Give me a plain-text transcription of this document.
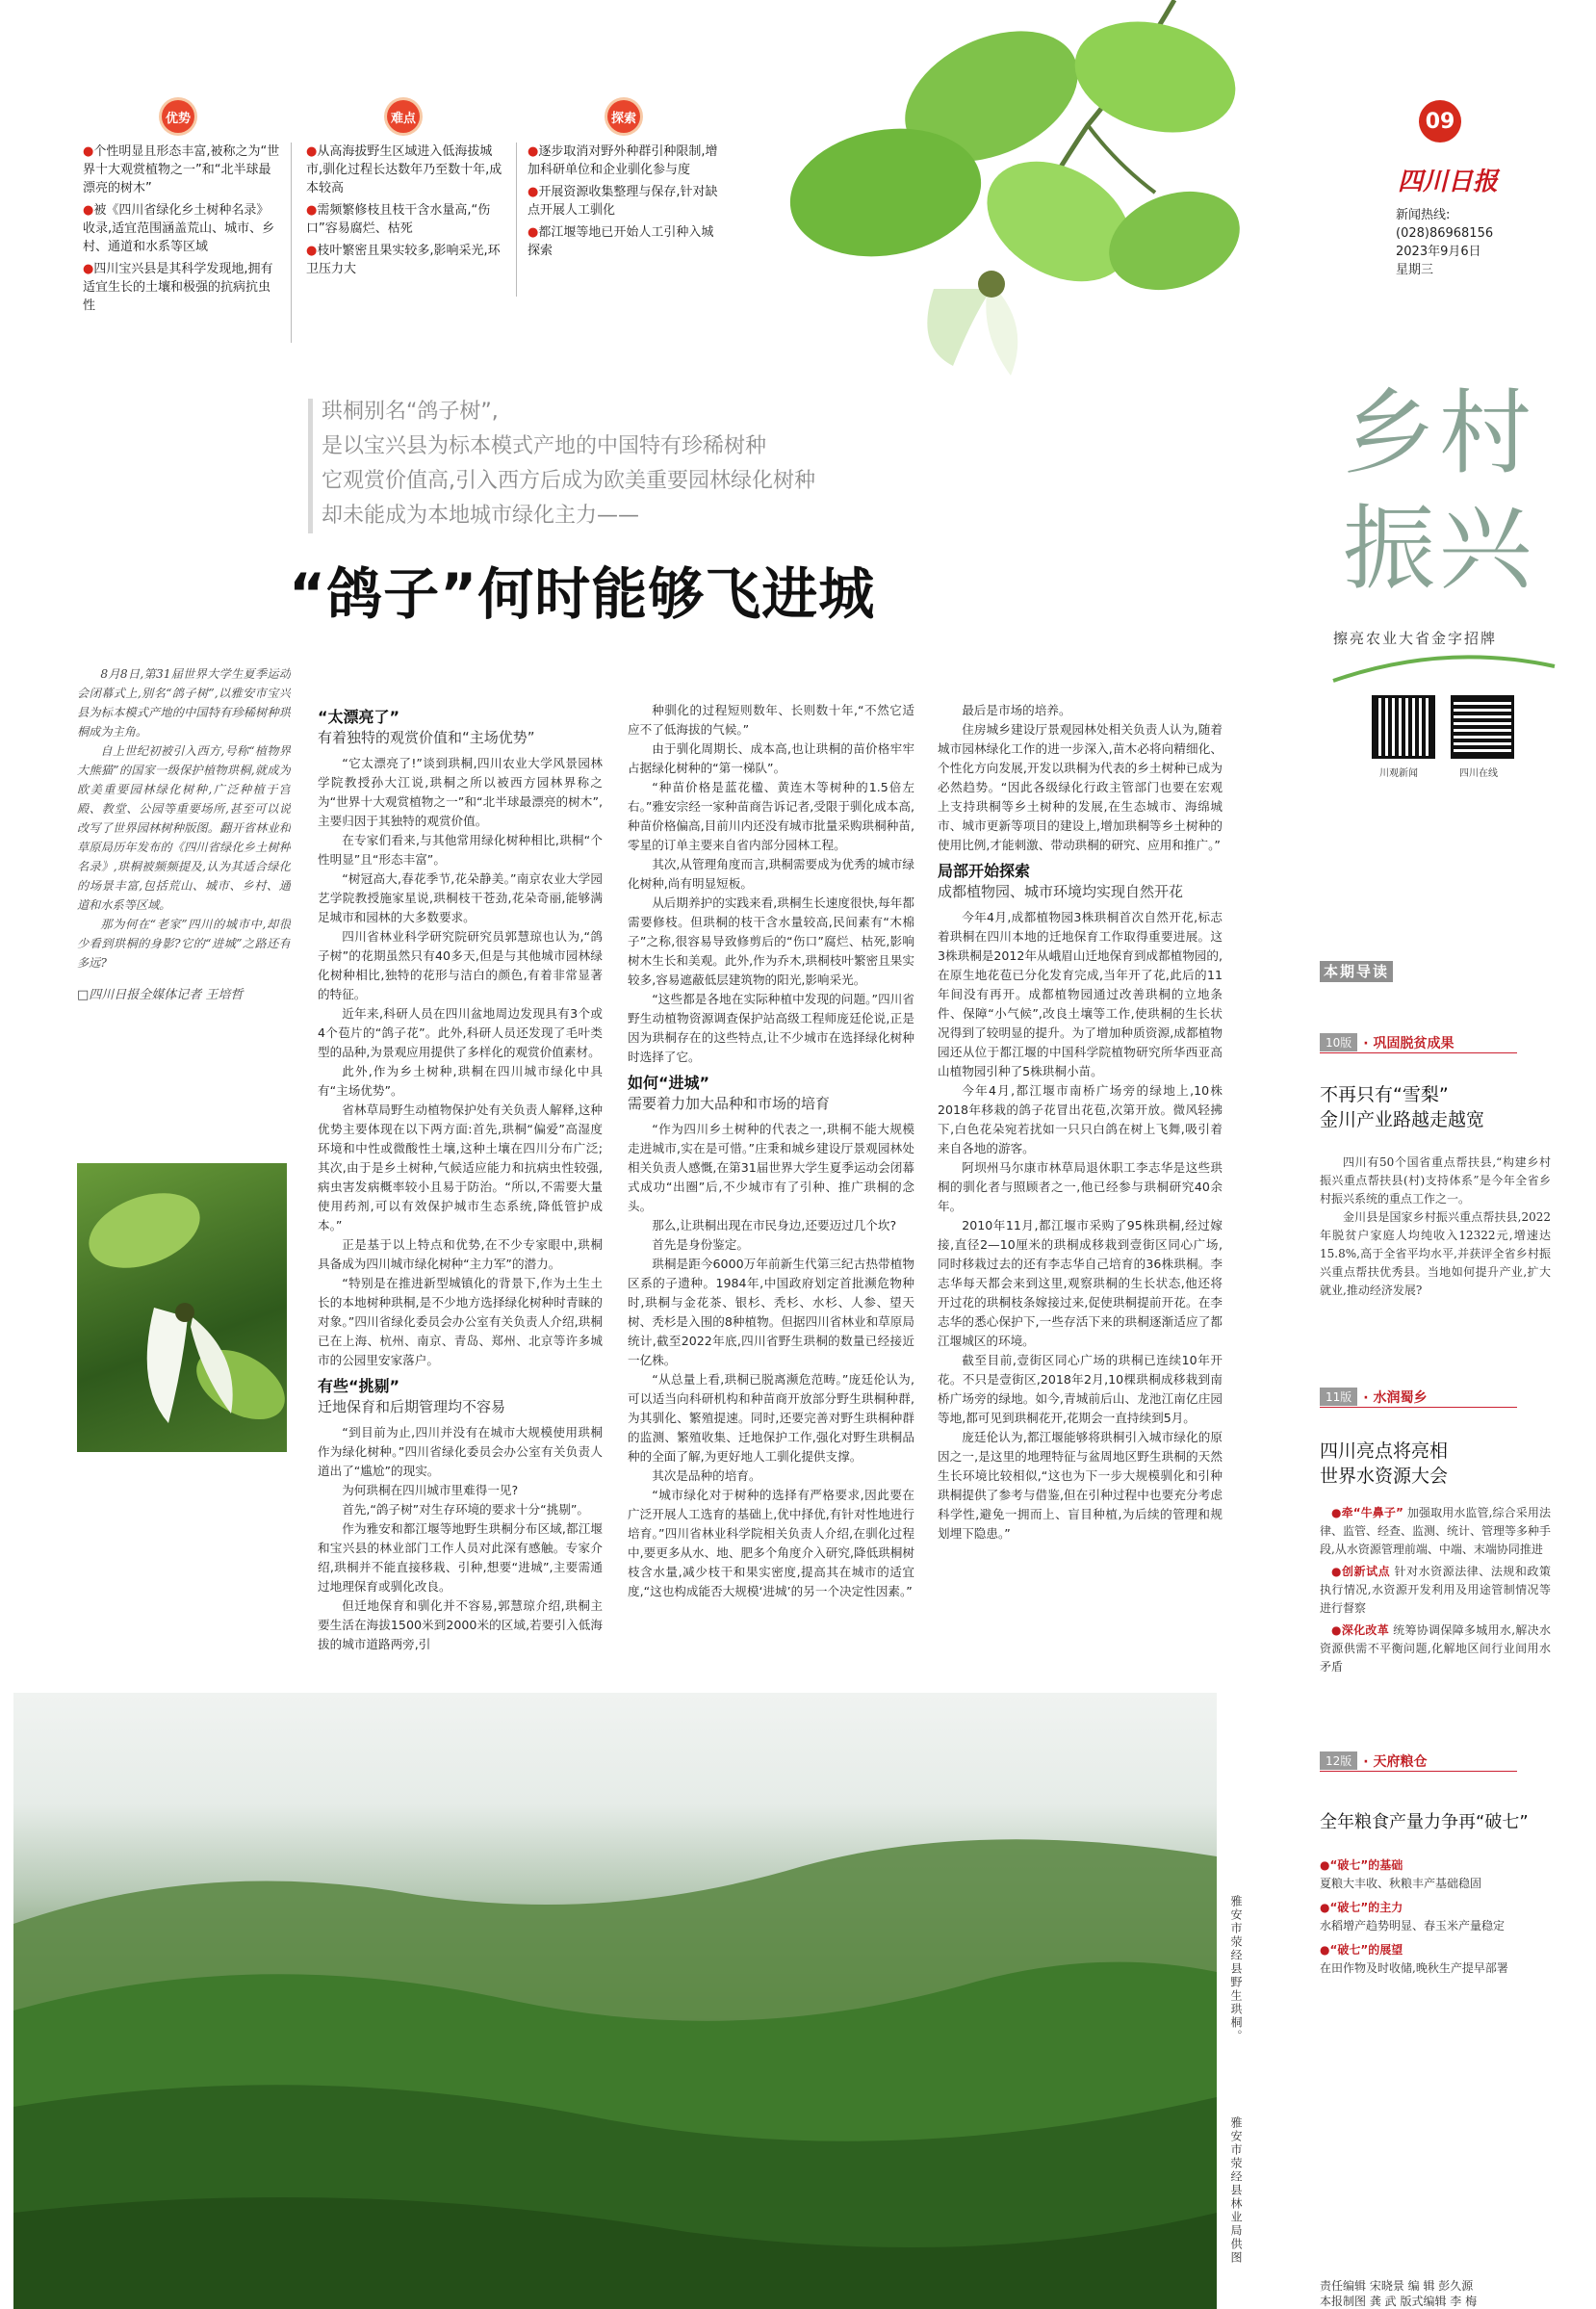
优势	难点	探索

●个性明显且形态丰富,被称之为“世界十大观赏植物之一”和“北半球最漂亮的树木”

●被《四川省绿化乡土树种名录》收录,适宜范围涵盖荒山、城市、乡村、通道和水系等区域

●四川宝兴县是其科学发现地,拥有适宜生长的土壤和极强的抗病抗虫性

●从高海拔野生区域进入低海拔城市,驯化过程长达数年乃至数十年,成本较高

●需频繁修枝且枝干含水量高,“伤口”容易腐烂、枯死

●枝叶繁密且果实较多,影响采光,环卫压力大

●逐步取消对野外种群引种限制,增加科研单位和企业驯化参与度

●开展资源收集整理与保存,针对缺点开展人工驯化

●都江堰等地已开始人工引种入城探索

09
四川日报
新闻热线:
(028)86968156
2023年9月6日
星期三
乡村
振兴
擦亮农业大省金字招牌
川观新闻	四川在线
珙桐别名“鸽子树”,
是以宝兴县为标本模式产地的中国特有珍稀树种
它观赏价值高,引入西方后成为欧美重要园林绿化树种
却未能成为本地城市绿化主力——
“鸽子”何时能够飞进城

8月8日,第31届世界大学生夏季运动会闭幕式上,别名“鸽子树”,以雅安市宝兴县为标本模式产地的中国特有珍稀树种珙桐成为主角。

自上世纪初被引入西方,号称“植物界大熊猫”的国家一级保护植物珙桐,就成为欧美重要园林绿化树种,广泛种植于宫殿、教堂、公园等重要场所,甚至可以说改写了世界园林树种版图。翻开省林业和草原局历年发布的《四川省绿化乡土树种名录》,珙桐被频频提及,认为其适合绿化的场景丰富,包括荒山、城市、乡村、通道和水系等区域。

那为何在“老家”四川的城市中,却很少看到珙桐的身影?它的“进城”之路还有多远?

□四川日报全媒体记者 王培哲

“太漂亮了”
有着独特的观赏价值和“主场优势”

“它太漂亮了!”谈到珙桐,四川农业大学风景园林学院教授孙大江说,珙桐之所以被西方园林界称之为“世界十大观赏植物之一”和“北半球最漂亮的树木”,主要归因于其独特的观赏价值。

在专家们看来,与其他常用绿化树种相比,珙桐“个性明显”且“形态丰富”。

“树冠高大,春花季节,花朵静美。”南京农业大学园艺学院教授施家星说,珙桐枝干苍劲,花朵奇丽,能够满足城市和园林的大多数要求。

四川省林业科学研究院研究员郭慧琼也认为,“鸽子树”的花期虽然只有40多天,但是与其他城市园林绿化树种相比,独特的花形与洁白的颜色,有着非常显著的特征。

近年来,科研人员在四川盆地周边发现具有3个或4个苞片的“鸽子花”。此外,科研人员还发现了毛叶类型的品种,为景观应用提供了多样化的观赏价值素材。

此外,作为乡土树种,珙桐在四川城市绿化中具有“主场优势”。

省林草局野生动植物保护处有关负责人解释,这种优势主要体现在以下两方面:首先,珙桐“偏爱”高湿度环境和中性或微酸性土壤,这种土壤在四川分布广泛;其次,由于是乡土树种,气候适应能力和抗病虫性较强,病虫害发病概率较小且易于防治。“所以,不需要大量使用药剂,可以有效保护城市生态系统,降低管护成本。”

正是基于以上特点和优势,在不少专家眼中,珙桐具备成为四川城市绿化树种“主力军”的潜力。

“特别是在推进新型城镇化的背景下,作为土生土长的本地树种珙桐,是不少地方选择绿化树种时青睐的对象。”四川省绿化委员会办公室有关负责人介绍,珙桐已在上海、杭州、南京、青岛、郑州、北京等许多城市的公园里安家落户。

有些“挑剔”
迁地保育和后期管理均不容易

“到目前为止,四川并没有在城市大规模使用珙桐作为绿化树种。”四川省绿化委员会办公室有关负责人道出了“尴尬”的现实。

为何珙桐在四川城市里难得一见?

首先,“鸽子树”对生存环境的要求十分“挑剔”。

作为雅安和都江堰等地野生珙桐分布区域,都江堰和宝兴县的林业部门工作人员对此深有感触。专家介绍,珙桐并不能直接移栽、引种,想要“进城”,主要需通过地理保育或驯化改良。

但迁地保育和驯化并不容易,郭慧琼介绍,珙桐主要生活在海拔1500米到2000米的区域,若要引入低海拔的城市道路两旁,引

种驯化的过程短则数年、长则数十年,“不然它适应不了低海拔的气候。”

由于驯化周期长、成本高,也让珙桐的苗价格牢牢占据绿化树种的“第一梯队”。

“种苗价格是蓝花楹、黄连木等树种的1.5倍左右。”雅安宗经一家种苗商告诉记者,受限于驯化成本高,种苗价格偏高,目前川内还没有城市批量采购珙桐种苗,零星的订单主要来自省内部分园林工程。

其次,从管理角度而言,珙桐需要成为优秀的城市绿化树种,尚有明显短板。

从后期养护的实践来看,珙桐生长速度很快,每年都需要修枝。但珙桐的枝干含水量较高,民间素有“木棉子”之称,很容易导致修剪后的“伤口”腐烂、枯死,影响树木生长和美观。此外,作为乔木,珙桐枝叶繁密且果实较多,容易遮蔽低层建筑物的阳光,影响采光。

“这些都是各地在实际种植中发现的问题。”四川省野生动植物资源调查保护站高级工程师庞廷伦说,正是因为珙桐存在的这些特点,让不少城市在选择绿化树种时选择了它。

如何“进城”
需要着力加大品种和市场的培育

“作为四川乡土树种的代表之一,珙桐不能大规模走进城市,实在是可惜。”庄秉和城乡建设厅景观园林处相关负责人感慨,在第31届世界大学生夏季运动会闭幕式成功“出圈”后,不少城市有了引种、推广珙桐的念头。

那么,让珙桐出现在市民身边,还要迈过几个坎?

首先是身份鉴定。

珙桐是距今6000万年前新生代第三纪古热带植物区系的子遗种。1984年,中国政府划定首批濒危物种时,珙桐与金花茶、银杉、秃杉、水杉、人参、望天树、秃杉是入围的8种植物。但据四川省林业和草原局统计,截至2022年底,四川省野生珙桐的数量已经接近一亿株。

“从总量上看,珙桐已脱离濒危范畴。”庞廷伦认为,可以适当向科研机构和种苗商开放部分野生珙桐种群,为其驯化、繁殖提速。同时,还要完善对野生珙桐种群的监测、繁殖收集、迁地保护工作,强化对野生珙桐品种的全面了解,为更好地人工驯化提供支撑。

其次是品种的培育。

“城市绿化对于树种的选择有严格要求,因此要在广泛开展人工选育的基础上,优中择优,有针对性地进行培育。”四川省林业科学院相关负责人介绍,在驯化过程中,要更多从水、地、肥多个角度介入研究,降低珙桐树枝含水量,减少枝干和果实密度,提高其在城市的适宜度,“这也构成能否大规模‘进城’的另一个决定性因素。”

最后是市场的培养。

住房城乡建设厅景观园林处相关负责人认为,随着城市园林绿化工作的进一步深入,苗木必将向精细化、个性化方向发展,开发以珙桐为代表的乡土树种已成为必然趋势。“因此各级绿化行政主管部门也要在宏观上支持珙桐等乡土树种的发展,在生态城市、海绵城市、城市更新等项目的建设上,增加珙桐等乡土树种的使用比例,才能刺激、带动珙桐的研究、应用和推广。”

局部开始探索
成都植物园、城市环境均实现自然开花

今年4月,成都植物园3株珙桐首次自然开花,标志着珙桐在四川本地的迁地保育工作取得重要进展。这3株珙桐是2012年从峨眉山迁地保育到成都植物园的,在原生地花苞已分化发育完成,当年开了花,此后的11年间没有再开。成都植物园通过改善珙桐的立地条件、保障“小气候”,改良土壤等工作,使珙桐的生长状况得到了较明显的提升。为了增加种质资源,成都植物园还从位于都江堰的中国科学院植物研究所华西亚高山植物园引种了5株珙桐小苗。

今年4月,都江堰市南桥广场旁的绿地上,10株2018年移栽的鸽子花冒出花苞,次第开放。微风轻拂下,白色花朵宛若扰如一只只白鸽在树上飞舞,吸引着来自各地的游客。

阿坝州马尔康市林草局退休职工李志华是这些珙桐的驯化者与照顾者之一,他已经参与珙桐研究40余年。

2010年11月,都江堰市采购了95株珙桐,经过嫁接,直径2—10厘米的珙桐成移栽到壹街区同心广场,同时移栽过去的还有李志华自己培育的36株珙桐。李志华每天都会来到这里,观察珙桐的生长状态,他还将开过花的珙桐枝条嫁接过来,促使珙桐提前开花。在李志华的悉心保护下,一些存活下来的珙桐逐渐适应了都江堰城区的环境。

截至目前,壹街区同心广场的珙桐已连续10年开花。不只是壹街区,2018年2月,10棵珙桐成移栽到南桥广场旁的绿地。如今,青城前后山、龙池江南亿庄园等地,都可见到珙桐花开,花期会一直持续到5月。

庞廷伦认为,都江堰能够将珙桐引入城市绿化的原因之一,是这里的地理特征与盆周地区野生珙桐的天然生长环境比较相似,“这也为下一步大规模驯化和引种珙桐提供了参考与借鉴,但在引种过程中也要充分考虑科学性,避免一拥而上、盲目种植,为后续的管理和规划埋下隐患。”

雅安市荥经县野生珙桐。
雅安市荥经县林业局供图
本期导读
10版 · 巩固脱贫成果
不再只有“雪梨”
金川产业路越走越宽

四川有50个国省重点帮扶县,“构建乡村振兴重点帮扶县(村)支持体系”是今年全省乡村振兴系统的重点工作之一。

金川县是国家乡村振兴重点帮扶县,2022年脱贫户家庭人均纯收入12322元,增速达15.8%,高于全省平均水平,并获评全省乡村振兴重点帮扶优秀县。当地如何提升产业,扩大就业,推动经济发展?

11版 · 水润蜀乡
四川亮点将亮相
世界水资源大会

●牵“牛鼻子” 加强取用水监管,综合采用法律、监管、经查、监测、统计、管理等多种手段,从水资源管理前端、中端、末端协同推进

●创新试点 针对水资源法律、法规和政策执行情况,水资源开发利用及用途管制情况等进行督察

●深化改革 统筹协调保障多城用水,解决水资源供需不平衡问题,化解地区间行业间用水矛盾

12版 · 天府粮仓
全年粮食产量力争再“破七”
●“破七”的基础
夏粮大丰收、秋粮丰产基础稳固
●“破七”的主力
水稻增产趋势明显、春玉米产量稳定
●“破七”的展望
在田作物及时收储,晚秋生产提早部署
责任编辑 宋晓景 编 辑 彭久源
本报制图 龚 武 版式编辑 李 梅
